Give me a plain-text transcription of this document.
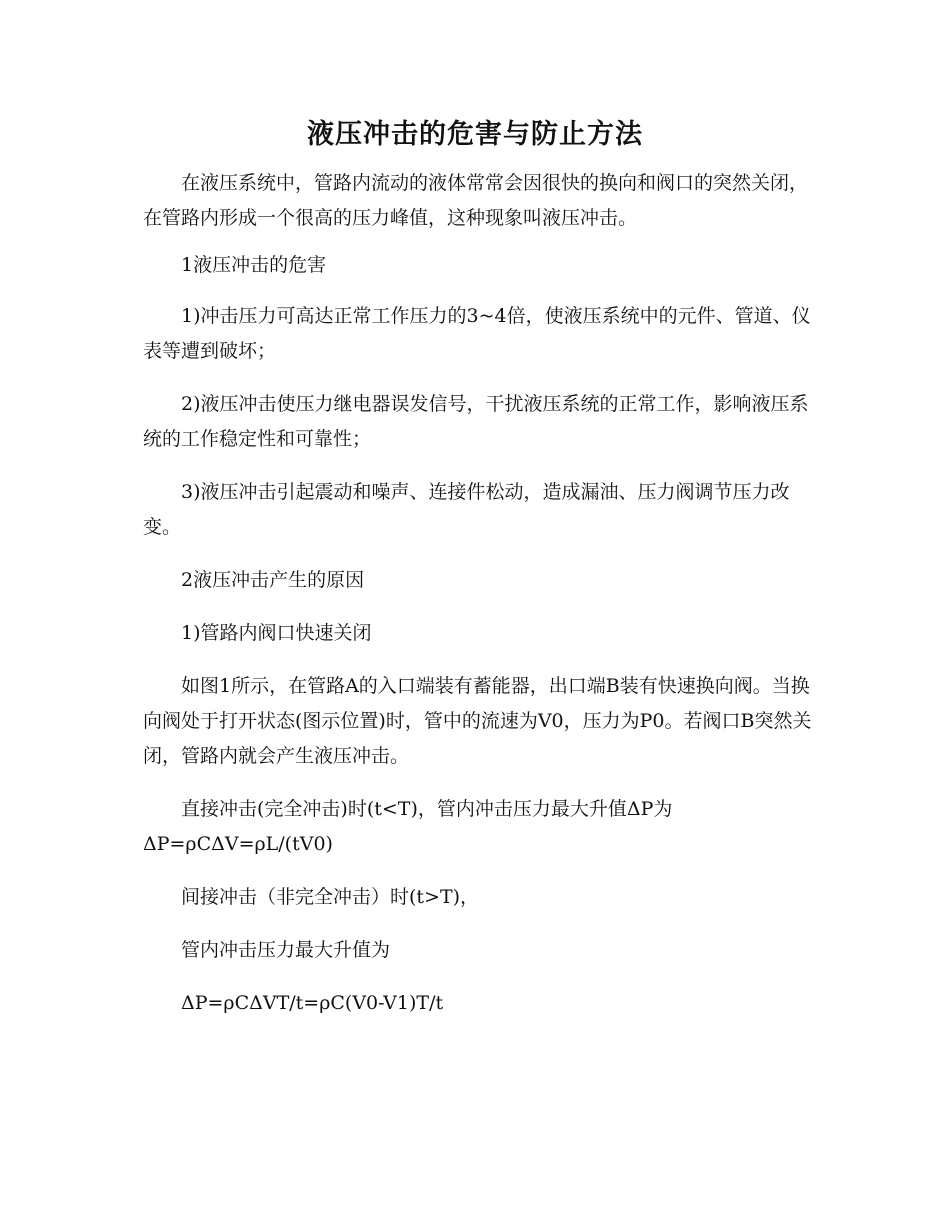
液压冲击的危害与防止方法

在液压系统中，管路内流动的液体常常会因很快的换向和阀口的突然关闭，在管路内形成一个很高的压力峰值，这种现象叫液压冲击。

1液压冲击的危害

1)冲击压力可高达正常工作压力的3~4倍，使液压系统中的元件、管道、仪表等遭到破坏；

2)液压冲击使压力继电器误发信号，干扰液压系统的正常工作，影响液压系统的工作稳定性和可靠性；

3)液压冲击引起震动和噪声、连接件松动，造成漏油、压力阀调节压力改变。

2液压冲击产生的原因

1)管路内阀口快速关闭

如图1所示，在管路A的入口端装有蓄能器，出口端B装有快速换向阀。当换向阀处于打开状态(图示位置)时，管中的流速为V0，压力为P0。若阀口B突然关闭，管路内就会产生液压冲击。

直接冲击(完全冲击)时(t<T)，管内冲击压力最大升值ΔP为

ΔP=ρCΔV=ρL/(tV0)

间接冲击（非完全冲击）时(t>T)，

管内冲击压力最大升值为

ΔP=ρCΔVT/t=ρC(V0-V1)T/t
